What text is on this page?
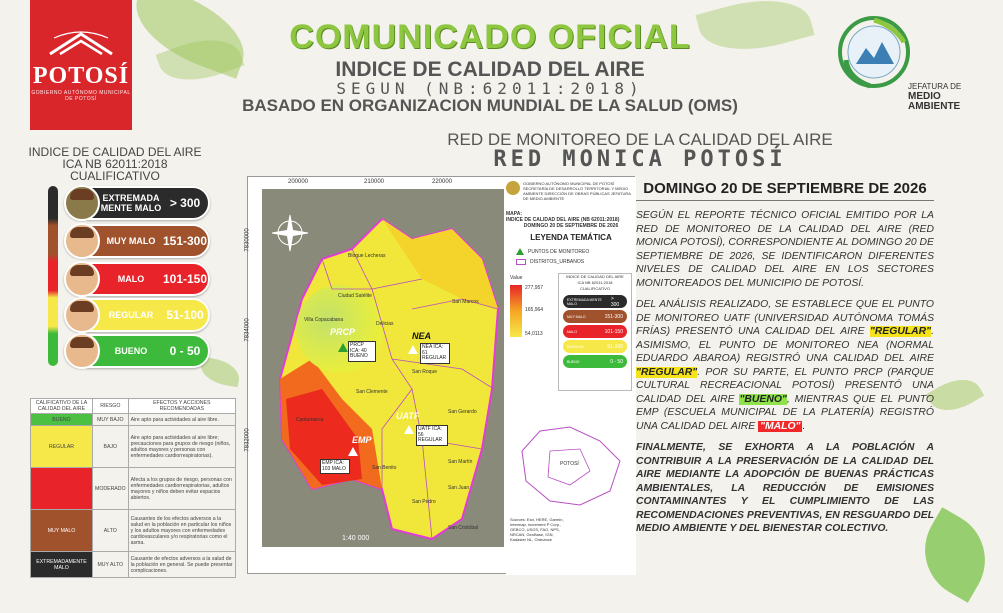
POTOSÍ
GOBIERNO AUTÓNOMO MUNICIPAL DE POTOSÍ
COMUNICADO OFICIAL
INDICE DE CALIDAD DEL AIRE
SEGUN (NB:62011:2018)
BASADO EN ORGANIZACION MUNDIAL DE LA SALUD (OMS)
JEFATURA DE
MEDIO AMBIENTE
RED DE MONITOREO DE LA CALIDAD DEL AIRE
RED MONICA POTOSÍ
INDICE DE CALIDAD DEL AIRE
ICA NB 62011:2018
CUALIFICATIVO
EXTREMADA MENTE MALO > 300
MUY MALO 151-300
MALO	101-150
REGULAR	51-100
BUENO	0 - 50
CALIFICATIVO DE LA CALIDAD DEL AIRE	RIESGO	EFECTOS Y ACCIONES RECOMENDADAS
BUENO	MUY BAJO	Aire apto para actividades al aire libre.
REGULAR	BAJO	Aire apto para actividades al aire libre; precauciones para grupos de riesgo (niños, adultos mayores y personas con enfermedades cardiorrespiratorias).
MALO	MODERADO	Afecta a los grupos de riesgo, personas con enfermedades cardiorrespiratorias, adultos mayores y niños deben evitar espacios abiertos.
MUY MALO	ALTO	Causantes de los efectos adversos a la salud en la población en particular los niños y los adultos mayores con enfermedades cardiovasculares y/o respiratorias como el asma.
EXTREMADAMENTE MALO	MUY ALTO	Causante de efectos adversos a la salud de la población en general. Se puede presentar complicaciones.
200000	210000	220000
7830000
7834000
7832000
Bloque Lecheras
Ciudad Satélite
Villa Copacabana
Delicias
San Marcos
San Roque
San Clemente
San Gerardo
San Benito
San Martín
San Juan
San Pedro
San Cristóbal
Cantumarca
PRCP
PRCP ICA: 40 BUENO
NEA
NEA ICA: 61 REGULAR
UATF
UATF ICA: 56 REGULAR
EMP
EMP ICA: 103 MALO
1:40 000
GOBIERNO AUTÓNOMO MUNICIPAL DE POTOSÍ SECRETARÍA DE DESARROLLO TERRITORIAL Y MEDIO AMBIENTE DIRECCIÓN DE OBRAS PÚBLICAS JEFATURA DE MEDIO AMBIENTE
MAPA:
INDICE DE CALIDAD DEL AIRE (NB 62011:2018)
DOMINGO 20 DE SEPTIEMBRE DE 2026
LEYENDA TEMÁTICA
PUNTOS DE MONITOREO
DISTRITOS_URBANOS
Value
277,957
165,964
54,0113
INDICE DE CALIDAD DEL AIRE
ICA NB 62011:2018
CUALIFICATIVO
EXTREMADA MENTE MALO
> 300
MUY MALO	151-300
MALO	101-150
REGULAR	51-100
BUENO	0 - 50
POTOSÍ
Sources: Esri, HERE, Garmin, Intermap, increment P Corp., GEBCO, USGS, FAO, NPS, NRCAN, GeoBase, IGN, Kadaster NL, Ordnance
DOMINGO 20 DE SEPTIEMBRE DE 2026
SEGÚN EL REPORTE TÉCNICO OFICIAL EMITIDO POR LA RED DE MONITOREO DE LA CALIDAD DEL AIRE (RED MONICA POTOSÍ), CORRESPONDIENTE AL DOMINGO 20 DE SEPTIEMBRE DE 2026, SE IDENTIFICARON DIFERENTES NIVELES DE CALIDAD DEL AIRE EN LOS SECTORES MONITOREADOS DEL MUNICIPIO DE POTOSÍ.
DEL ANÁLISIS REALIZADO, SE ESTABLECE QUE EL PUNTO DE MONITOREO UATF (UNIVERSIDAD AUTÓNOMA TOMÁS FRÍAS) PRESENTÓ UNA CALIDAD DEL AIRE "REGULAR". ASIMISMO, EL PUNTO DE MONITOREO NEA (NORMAL EDUARDO ABAROA) REGISTRÓ UNA CALIDAD DEL AIRE "REGULAR". POR SU PARTE, EL PUNTO PRCP (PARQUE CULTURAL RECREACIONAL POTOSÍ) PRESENTÓ UNA CALIDAD DEL AIRE "BUENO", MIENTRAS QUE EL PUNTO EMP (ESCUELA MUNICIPAL DE LA PLATERÍA) REGISTRÓ UNA CALIDAD DEL AIRE "MALO" .
FINALMENTE, SE EXHORTA A LA POBLACIÓN A CONTRIBUIR A LA PRESERVACIÓN DE LA CALIDAD DEL AIRE MEDIANTE LA ADOPCIÓN DE BUENAS PRÁCTICAS AMBIENTALES, LA REDUCCIÓN DE EMISIONES CONTAMINANTES Y EL CUMPLIMIENTO DE LAS RECOMENDACIONES PREVENTIVAS, EN RESGUARDO DEL MEDIO AMBIENTE Y DEL BIENESTAR COLECTIVO.
